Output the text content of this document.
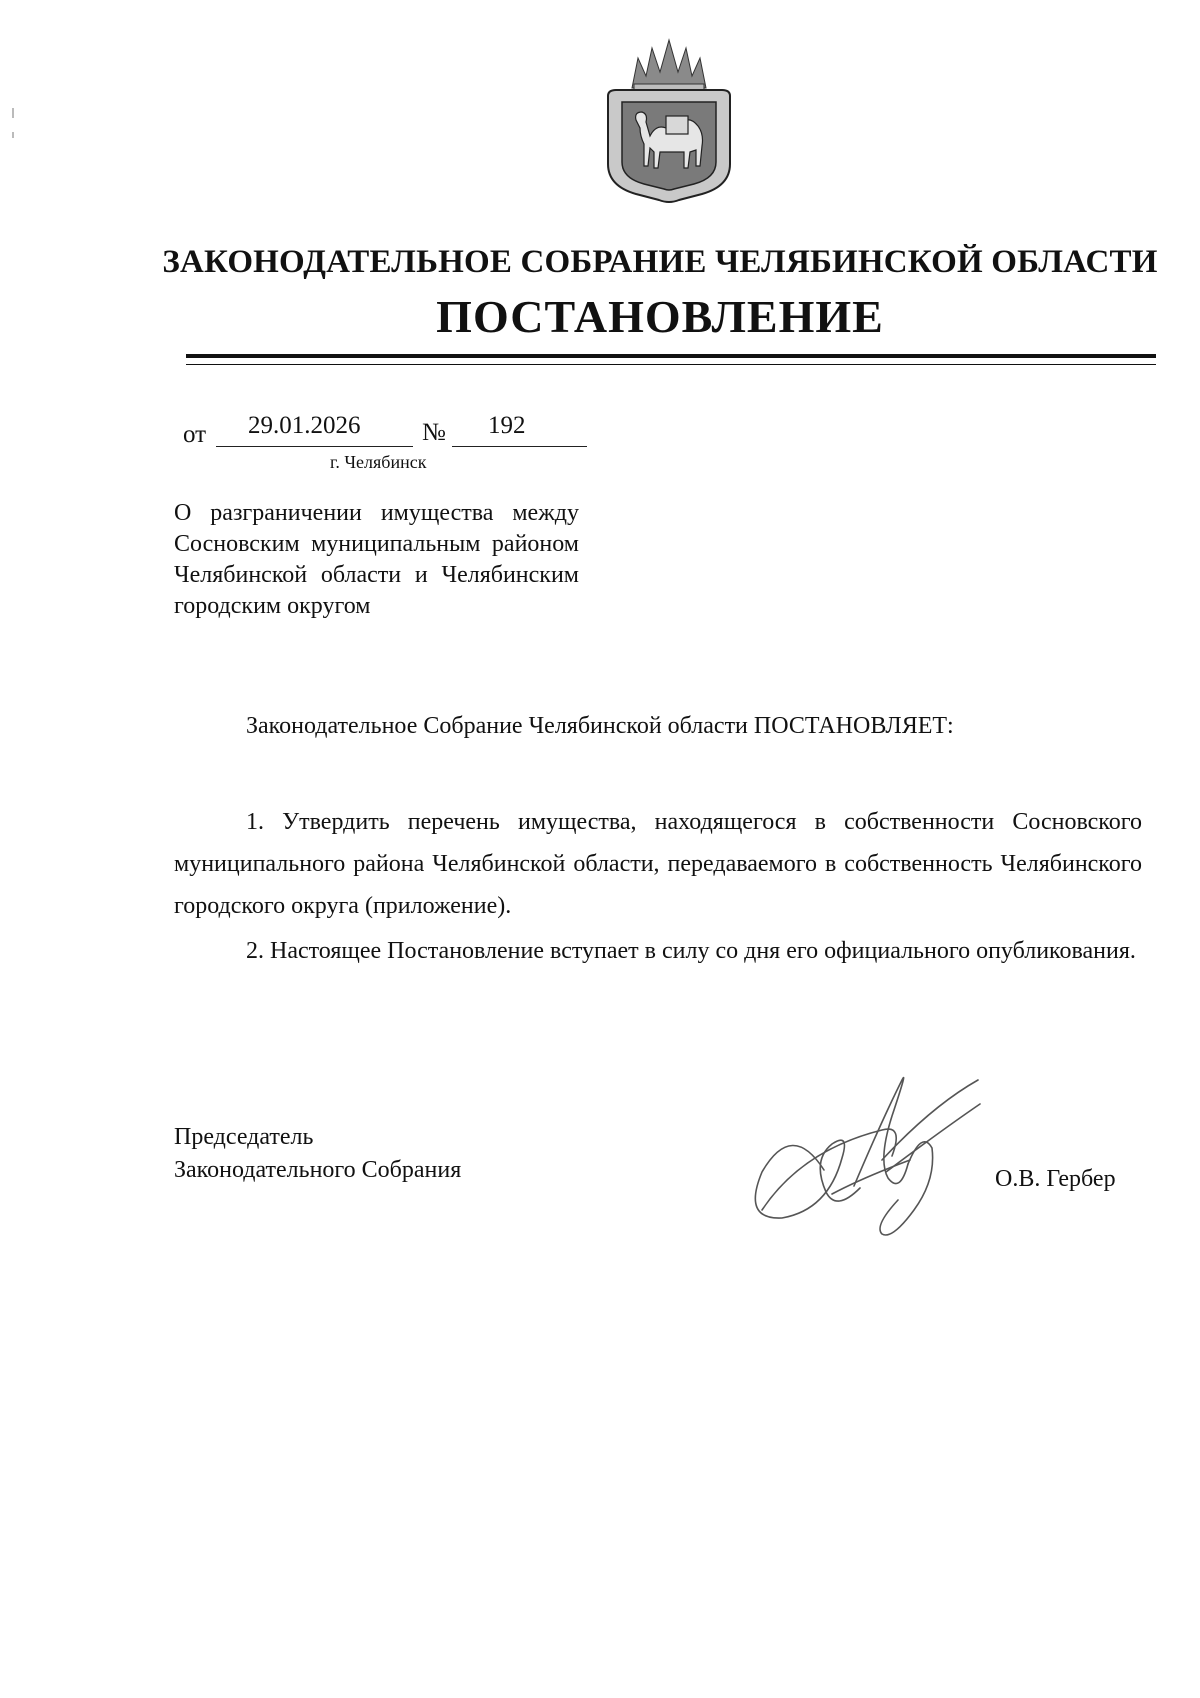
ЗАКОНОДАТЕЛЬНОЕ СОБРАНИЕ ЧЕЛЯБИНСКОЙ ОБЛАСТИ
ПОСТАНОВЛЕНИЕ
от 29.01.2026 № 192
г. Челябинск
О разграничении имущества между Сосновским муниципальным районом Челябинской области и Челябинским городским округом
Законодательное Собрание Челябинской области ПОСТАНОВЛЯЕТ:

1. Утвердить перечень имущества, находящегося в собственности Сосновского муниципального района Челябинской области, передаваемого в собственность Челябинского городского округа (приложение).

2. Настоящее Постановление вступает в силу со дня его официального опубликования.

Председатель
Законодательного Собрания	О.В. Гербер
